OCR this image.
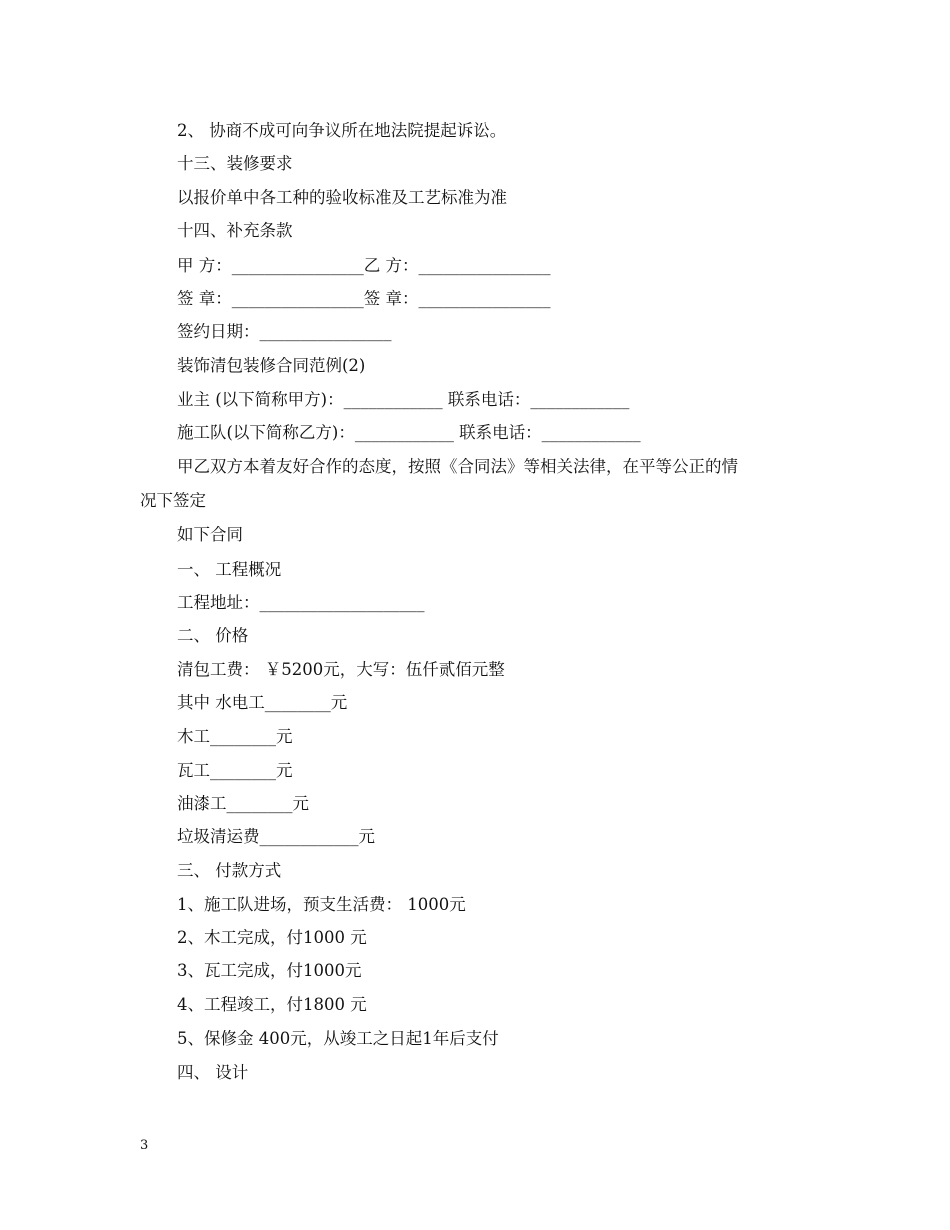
2、 协商不成可向争议所在地法院提起诉讼。
十三、装修要求
以报价单中各工种的验收标准及工艺标准为准
十四、补充条款
甲 方：________________乙 方：________________
签 章：________________签 章：________________
签约日期：________________
装饰清包装修合同范例(2)
业主 (以下简称甲方)：____________ 联系电话：____________
施工队(以下简称乙方)：____________ 联系电话：____________
甲乙双方本着友好合作的态度，按照《合同法》等相关法律，在平等公正的情
况下签定
如下合同
一、 工程概况
工程地址：____________________
二、 价格
清包工费： ￥5200元，大写：伍仟贰佰元整
其中 水电工________元
木工________元
瓦工________元
油漆工________元
垃圾清运费____________元
三、 付款方式
1、施工队进场，预支生活费： 1000元
2、木工完成，付1000 元
3、瓦工完成，付1000元
4、工程竣工，付1800 元
5、保修金 400元，从竣工之日起1年后支付
四、 设计
3
